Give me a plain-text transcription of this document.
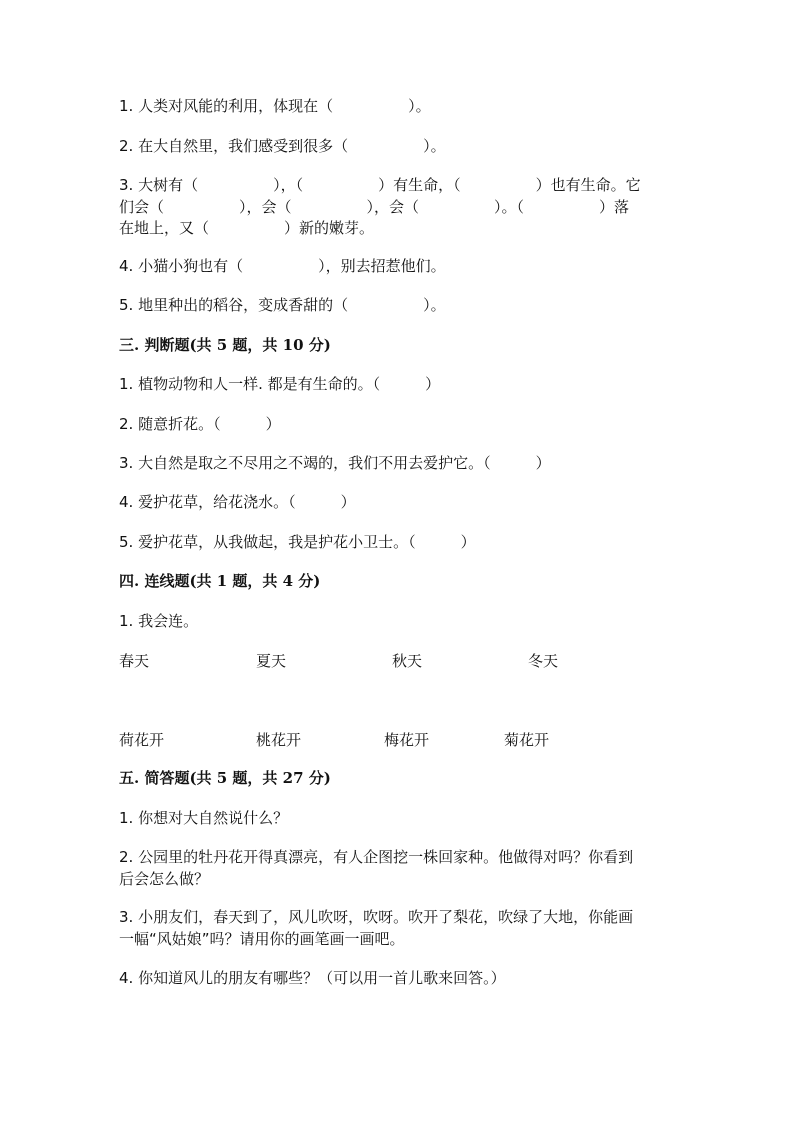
1. 人类对风能的利用，体现在（　　　　　）。
2. 在大自然里，我们感受到很多（　　　　　）。
3. 大树有（　　　　　），（　　　　　）有生命，（　　　　　）也有生命。它
们会（　　　　　），会（　　　　　），会（　　　　　）。（　　　　　）落
在地上，又（　　　　　）新的嫩芽。
4. 小猫小狗也有（　　　　　），别去招惹他们。
5. 地里种出的稻谷，变成香甜的（　　　　　）。
三. 判断题(共 5 题，共 10 分)
1. 植物动物和人一样. 都是有生命的。（　　　）
2. 随意折花。（　　　）
3. 大自然是取之不尽用之不竭的，我们不用去爱护它。（　　　）
4. 爱护花草，给花浇水。（　　　）
5. 爱护花草，从我做起，我是护花小卫士。（　　　）
四. 连线题(共 1 题，共 4 分)
1. 我会连。
春天	夏天	秋天	冬天
荷花开	桃花开	梅花开	菊花开
五. 简答题(共 5 题，共 27 分)
1. 你想对大自然说什么？
2. 公园里的牡丹花开得真漂亮，有人企图挖一株回家种。他做得对吗？你看到
后会怎么做？
3. 小朋友们，春天到了，风儿吹呀，吹呀。吹开了梨花，吹绿了大地，你能画
一幅“风姑娘”吗？请用你的画笔画一画吧。
4. 你知道风儿的朋友有哪些？（可以用一首儿歌来回答。）
